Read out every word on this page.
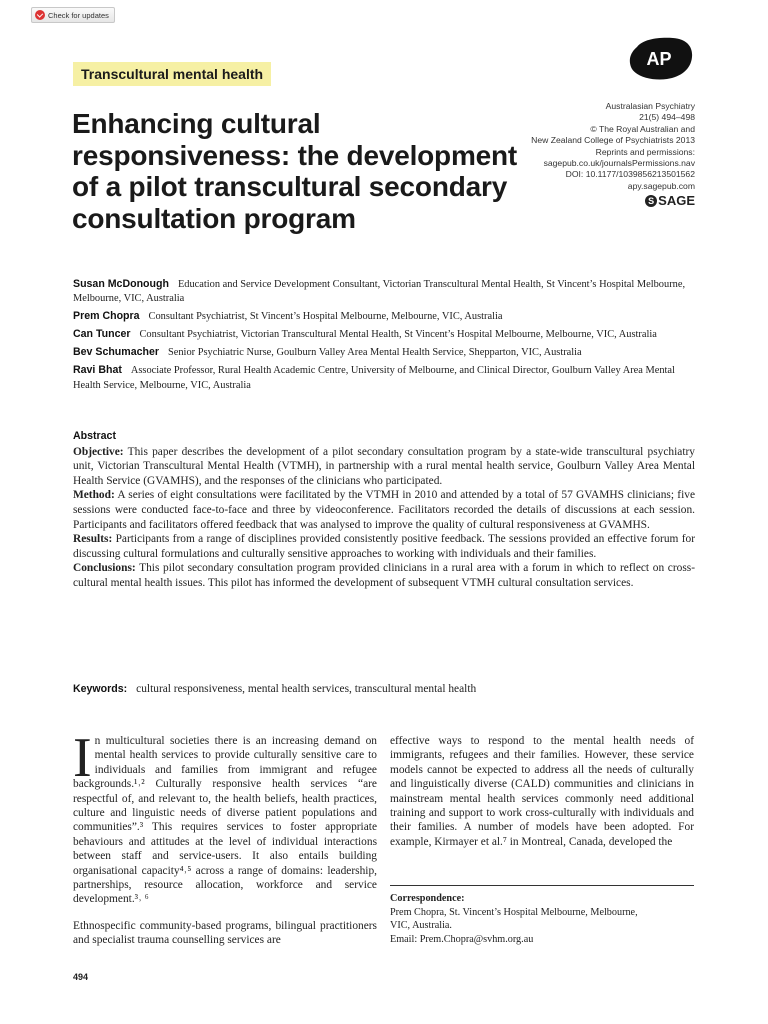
Check for updates
Transcultural mental health
AP
Enhancing cultural responsiveness: the development of a pilot transcultural secondary consultation program
Australasian Psychiatry
21(5) 494–498
© The Royal Australian and
New Zealand College of Psychiatrists 2013
Reprints and permissions:
sagepub.co.uk/journalsPermissions.nav
DOI: 10.1177/1039856213501562
apy.sagepub.com
S SAGE
Susan McDonough Education and Service Development Consultant, Victorian Transcultural Mental Health, St Vincent’s Hospital Melbourne, Melbourne, VIC, Australia
Prem Chopra Consultant Psychiatrist, St Vincent’s Hospital Melbourne, Melbourne, VIC, Australia
Can Tuncer Consultant Psychiatrist, Victorian Transcultural Mental Health, St Vincent’s Hospital Melbourne, Melbourne, VIC, Australia
Bev Schumacher Senior Psychiatric Nurse, Goulburn Valley Area Mental Health Service, Shepparton, VIC, Australia
Ravi Bhat Associate Professor, Rural Health Academic Centre, University of Melbourne, and Clinical Director, Goulburn Valley Area Mental Health Service, Melbourne, VIC, Australia
Abstract

Objective: This paper describes the development of a pilot secondary consultation program by a state-wide transcultural psychiatry unit, Victorian Transcultural Mental Health (VTMH), in partnership with a rural mental health service, Goulburn Valley Area Mental Health Service (GVAMHS), and the responses of the clinicians who participated.

Method: A series of eight consultations were facilitated by the VTMH in 2010 and attended by a total of 57 GVAMHS clinicians; five sessions were conducted face-to-face and three by videoconference. Facilitators recorded the details of discussions at each session. Participants and facilitators offered feedback that was analysed to improve the quality of cultural responsiveness at GVAMHS.

Results: Participants from a range of disciplines provided consistently positive feedback. The sessions provided an effective forum for discussing cultural formulations and culturally sensitive approaches to working with individuals and their families.

Conclusions: This pilot secondary consultation program provided clinicians in a rural area with a forum in which to reflect on cross-cultural mental health issues. This pilot has informed the development of subsequent VTMH cultural consultation services.

Keywords: cultural responsiveness, mental health services, transcultural mental health

In multicultural societies there is an increasing demand on mental health services to provide culturally sensitive care to individuals and families from immigrant and refugee backgrounds.¹˒² Culturally responsive health services “are respectful of, and relevant to, the health beliefs, health practices, culture and linguistic needs of diverse patient populations and communities”.³ This requires services to foster appropriate behaviours and attitudes at the level of individual interactions between staff and service-users. It also entails building organisational capacity⁴˒⁵ across a range of domains: leadership, partnerships, resource allocation, workforce and service development.³˒ ⁶

Ethnospecific community-based programs, bilingual practitioners and specialist trauma counselling services are

effective ways to respond to the mental health needs of immigrants, refugees and their families. However, these service models cannot be expected to address all the needs of culturally and linguistically diverse (CALD) communities and clinicians in mainstream mental health services commonly need additional training and support to work cross-culturally with individuals and their families. A number of models have been adopted. For example, Kirmayer et al.⁷ in Montreal, Canada, developed the

Correspondence:
Prem Chopra, St. Vincent’s Hospital Melbourne, Melbourne,
VIC, Australia.
Email: Prem.Chopra@svhm.org.au
494
